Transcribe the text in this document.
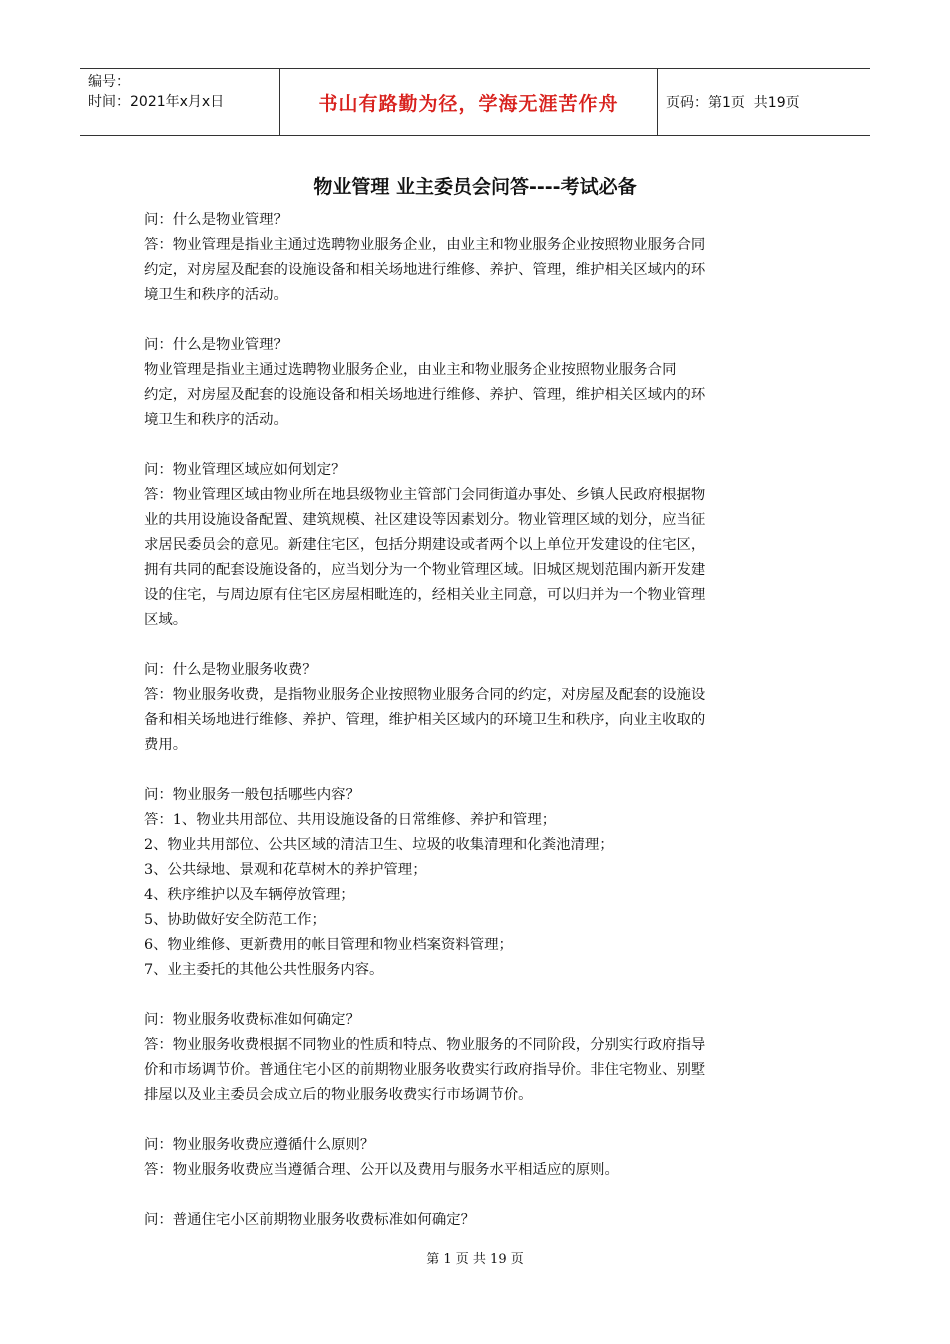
编号：
时间：2021年x月x日	书山有路勤为径，学海无涯苦作舟	页码：第1页  共19页
物业管理 业主委员会问答----考试必备
问：什么是物业管理？
答：物业管理是指业主通过选聘物业服务企业，由业主和物业服务企业按照物业服务合同
约定，对房屋及配套的设施设备和相关场地进行维修、养护、管理，维护相关区域内的环
境卫生和秩序的活动。
问：什么是物业管理？
物业管理是指业主通过选聘物业服务企业，由业主和物业服务企业按照物业服务合同
约定，对房屋及配套的设施设备和相关场地进行维修、养护、管理，维护相关区域内的环
境卫生和秩序的活动。
问：物业管理区域应如何划定？
答：物业管理区域由物业所在地县级物业主管部门会同街道办事处、乡镇人民政府根据物
业的共用设施设备配置、建筑规模、社区建设等因素划分。物业管理区域的划分，应当征
求居民委员会的意见。新建住宅区，包括分期建设或者两个以上单位开发建设的住宅区，
拥有共同的配套设施设备的，应当划分为一个物业管理区域。旧城区规划范围内新开发建
设的住宅，与周边原有住宅区房屋相毗连的，经相关业主同意，可以归并为一个物业管理
区域。
问：什么是物业服务收费？
答：物业服务收费，是指物业服务企业按照物业服务合同的约定，对房屋及配套的设施设
备和相关场地进行维修、养护、管理，维护相关区域内的环境卫生和秩序，向业主收取的
费用。
问：物业服务一般包括哪些内容？
答：1、物业共用部位、共用设施设备的日常维修、养护和管理；
2、物业共用部位、公共区域的清洁卫生、垃圾的收集清理和化粪池清理；
3、公共绿地、景观和花草树木的养护管理；
4、秩序维护以及车辆停放管理；
5、协助做好安全防范工作；
6、物业维修、更新费用的帐目管理和物业档案资料管理；
7、业主委托的其他公共性服务内容。
问：物业服务收费标准如何确定？
答：物业服务收费根据不同物业的性质和特点、物业服务的不同阶段，分别实行政府指导
价和市场调节价。普通住宅小区的前期物业服务收费实行政府指导价。非住宅物业、别墅
排屋以及业主委员会成立后的物业服务收费实行市场调节价。
问：物业服务收费应遵循什么原则？
答：物业服务收费应当遵循合理、公开以及费用与服务水平相适应的原则。
问：普通住宅小区前期物业服务收费标准如何确定？
第 1 页 共 19 页
